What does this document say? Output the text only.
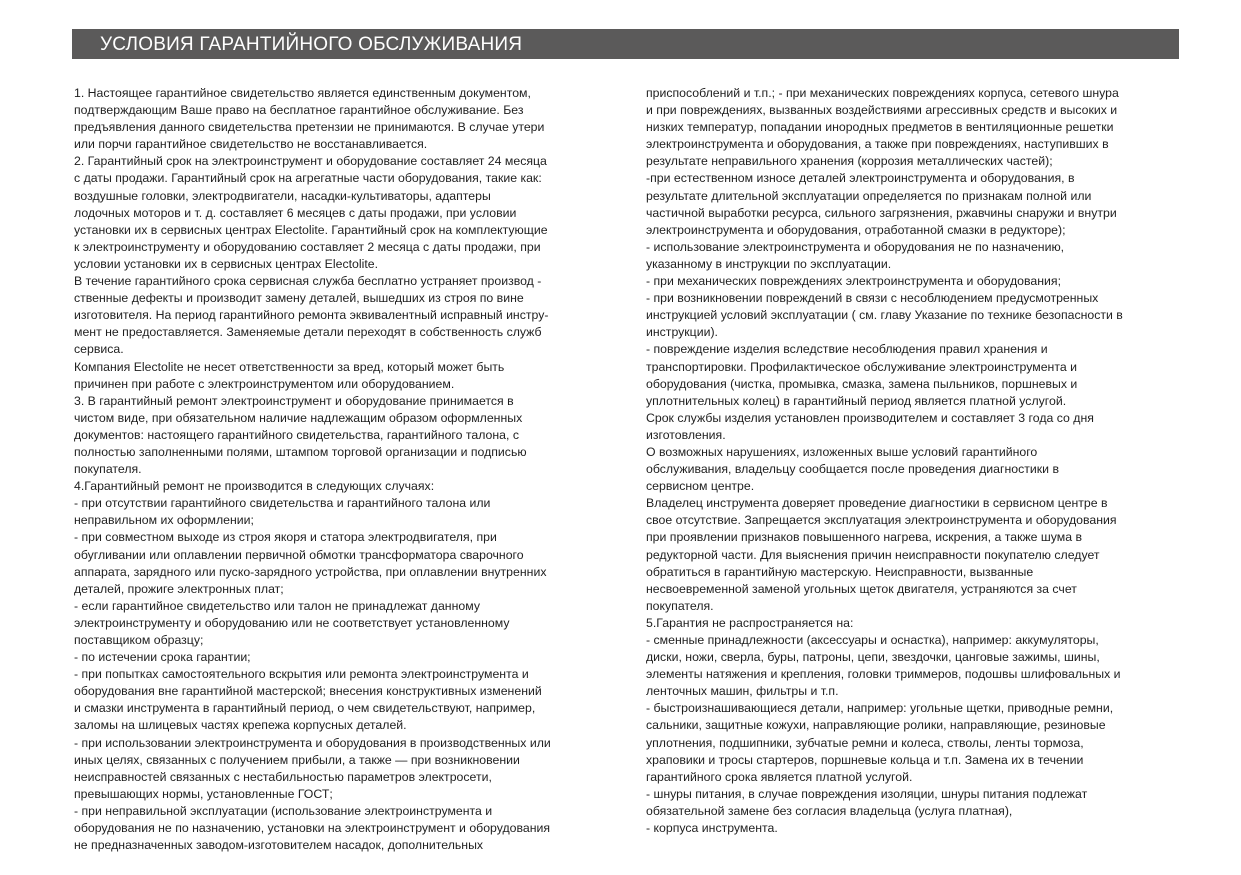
УСЛОВИЯ ГАРАНТИЙНОГО ОБСЛУЖИВАНИЯ
1. Настоящее гарантийное свидетельство является единственным документом,
подтверждающим Ваше право на бесплатное гарантийное обслуживание. Без
предъявления данного свидетельства претензии не принимаются. В случае утери
или порчи гарантийное свидетельство не восстанавливается.
2. Гарантийный срок на электроинструмент и оборудование составляет 24 месяца
с даты продажи. Гарантийный срок на агрегатные части оборудования, такие как:
воздушные головки, электродвигатели, насадки-культиваторы, адаптеры
лодочных моторов и т. д. составляет 6 месяцев с даты продажи, при условии
установки их в сервисных центрах Electolite. Гарантийный срок на комплектующие
к электроинструменту и оборудованию составляет 2 месяца с даты продажи, при
условии установки их в сервисных центрах Electolite.
В течение гарантийного срока сервисная служба бесплатно устраняет производ -
ственные дефекты и производит замену деталей, вышедших из строя по вине
изготовителя. На период гарантийного ремонта эквивалентный исправный инстру-
мент не предоставляется. Заменяемые детали переходят в собственность служб
сервиса.
Компания Electolite не несет ответственности за вред, который может быть
причинен при работе с электроинструментом или оборудованием.
3. В гарантийный ремонт электроинструмент и оборудование принимается в
чистом виде, при обязательном наличие надлежащим образом оформленных
документов: настоящего гарантийного свидетельства, гарантийного талона, с
полностью заполненными полями, штампом торговой организации и подписью
покупателя.
4.Гарантийный ремонт не производится в следующих случаях:
- при отсутствии гарантийного свидетельства и гарантийного талона или
неправильном их оформлении;
- при совместном выходе из строя якоря и статора электродвигателя, при
обугливании или оплавлении первичной обмотки трансформатора сварочного
аппарата, зарядного или пуско-зарядного устройства, при оплавлении внутренних
деталей, прожиге электронных плат;
- если гарантийное свидетельство или талон не принадлежат данному
электроинструменту и оборудованию или не соответствует установленному
поставщиком образцу;
- по истечении срока гарантии;
- при попытках самостоятельного вскрытия или ремонта электроинструмента и
оборудования вне гарантийной мастерской; внесения конструктивных изменений
и смазки инструмента в гарантийный период, о чем свидетельствуют, например,
заломы на шлицевых частях крепежа корпусных деталей.
- при использовании электроинструмента и оборудования в производственных или
иных целях, связанных с получением прибыли, а также — при возникновении
неисправностей связанных с нестабильностью параметров электросети,
превышающих нормы, установленные ГОСТ;
- при неправильной эксплуатации (использование электроинструмента и
оборудования не по назначению, установки на электроинструмент и оборудования
не предназначенных заводом-изготовителем насадок, дополнительных
приспособлений и т.п.; - при механических повреждениях корпуса, сетевого шнура
и при повреждениях, вызванных воздействиями агрессивных средств и высоких и
низких температур, попадании инородных предметов в вентиляционные решетки
электроинструмента и оборудования, а также при повреждениях, наступивших в
результате неправильного хранения (коррозия металлических частей);
-при естественном износе деталей электроинструмента и оборудования, в
результате длительной эксплуатации определяется по признакам полной или
частичной выработки ресурса, сильного загрязнения, ржавчины снаружи и внутри
электроинструмента и оборудования, отработанной смазки в редукторе);
- использование электроинструмента и оборудования не по назначению,
указанному в инструкции по эксплуатации.
- при механических повреждениях электроинструмента и оборудования;
- при возникновении повреждений в связи с несоблюдением предусмотренных
инструкцией условий эксплуатации ( см. главу Указание по технике безопасности в
инструкции).
- повреждение изделия вследствие несоблюдения правил хранения и
транспортировки. Профилактическое обслуживание электроинструмента и
оборудования (чистка, промывка, смазка, замена пыльников, поршневых и
уплотнительных колец) в гарантийный период является платной услугой.
Срок службы изделия установлен производителем и составляет 3 года со дня
изготовления.
О возможных нарушениях, изложенных выше условий гарантийного
обслуживания, владельцу сообщается после проведения диагностики в
сервисном центре.
Владелец инструмента доверяет проведение диагностики в сервисном центре в
свое отсутствие. Запрещается эксплуатация электроинструмента и оборудования
при проявлении признаков повышенного нагрева, искрения, а также шума в
редукторной части. Для выяснения причин неисправности покупателю следует
обратиться в гарантийную мастерскую. Неисправности, вызванные
несвоевременной заменой угольных щеток двигателя, устраняются за счет
покупателя.
5.Гарантия не распространяется на:
- сменные принадлежности (аксессуары и оснастка), например: аккумуляторы,
диски, ножи, сверла, буры, патроны, цепи, звездочки, цанговые зажимы, шины,
элементы натяжения и крепления, головки триммеров, подошвы шлифовальных и
ленточных машин, фильтры и т.п.
- быстроизнашивающиеся детали, например: угольные щетки, приводные ремни,
сальники, защитные кожухи, направляющие ролики, направляющие, резиновые
уплотнения, подшипники, зубчатые ремни и колеса, стволы, ленты тормоза,
храповики и тросы стартеров, поршневые кольца и т.п. Замена их в течении
гарантийного срока является платной услугой.
- шнуры питания, в случае повреждения изоляции, шнуры питания подлежат
обязательной замене без согласия владельца (услуга платная),
- корпуса инструмента.
